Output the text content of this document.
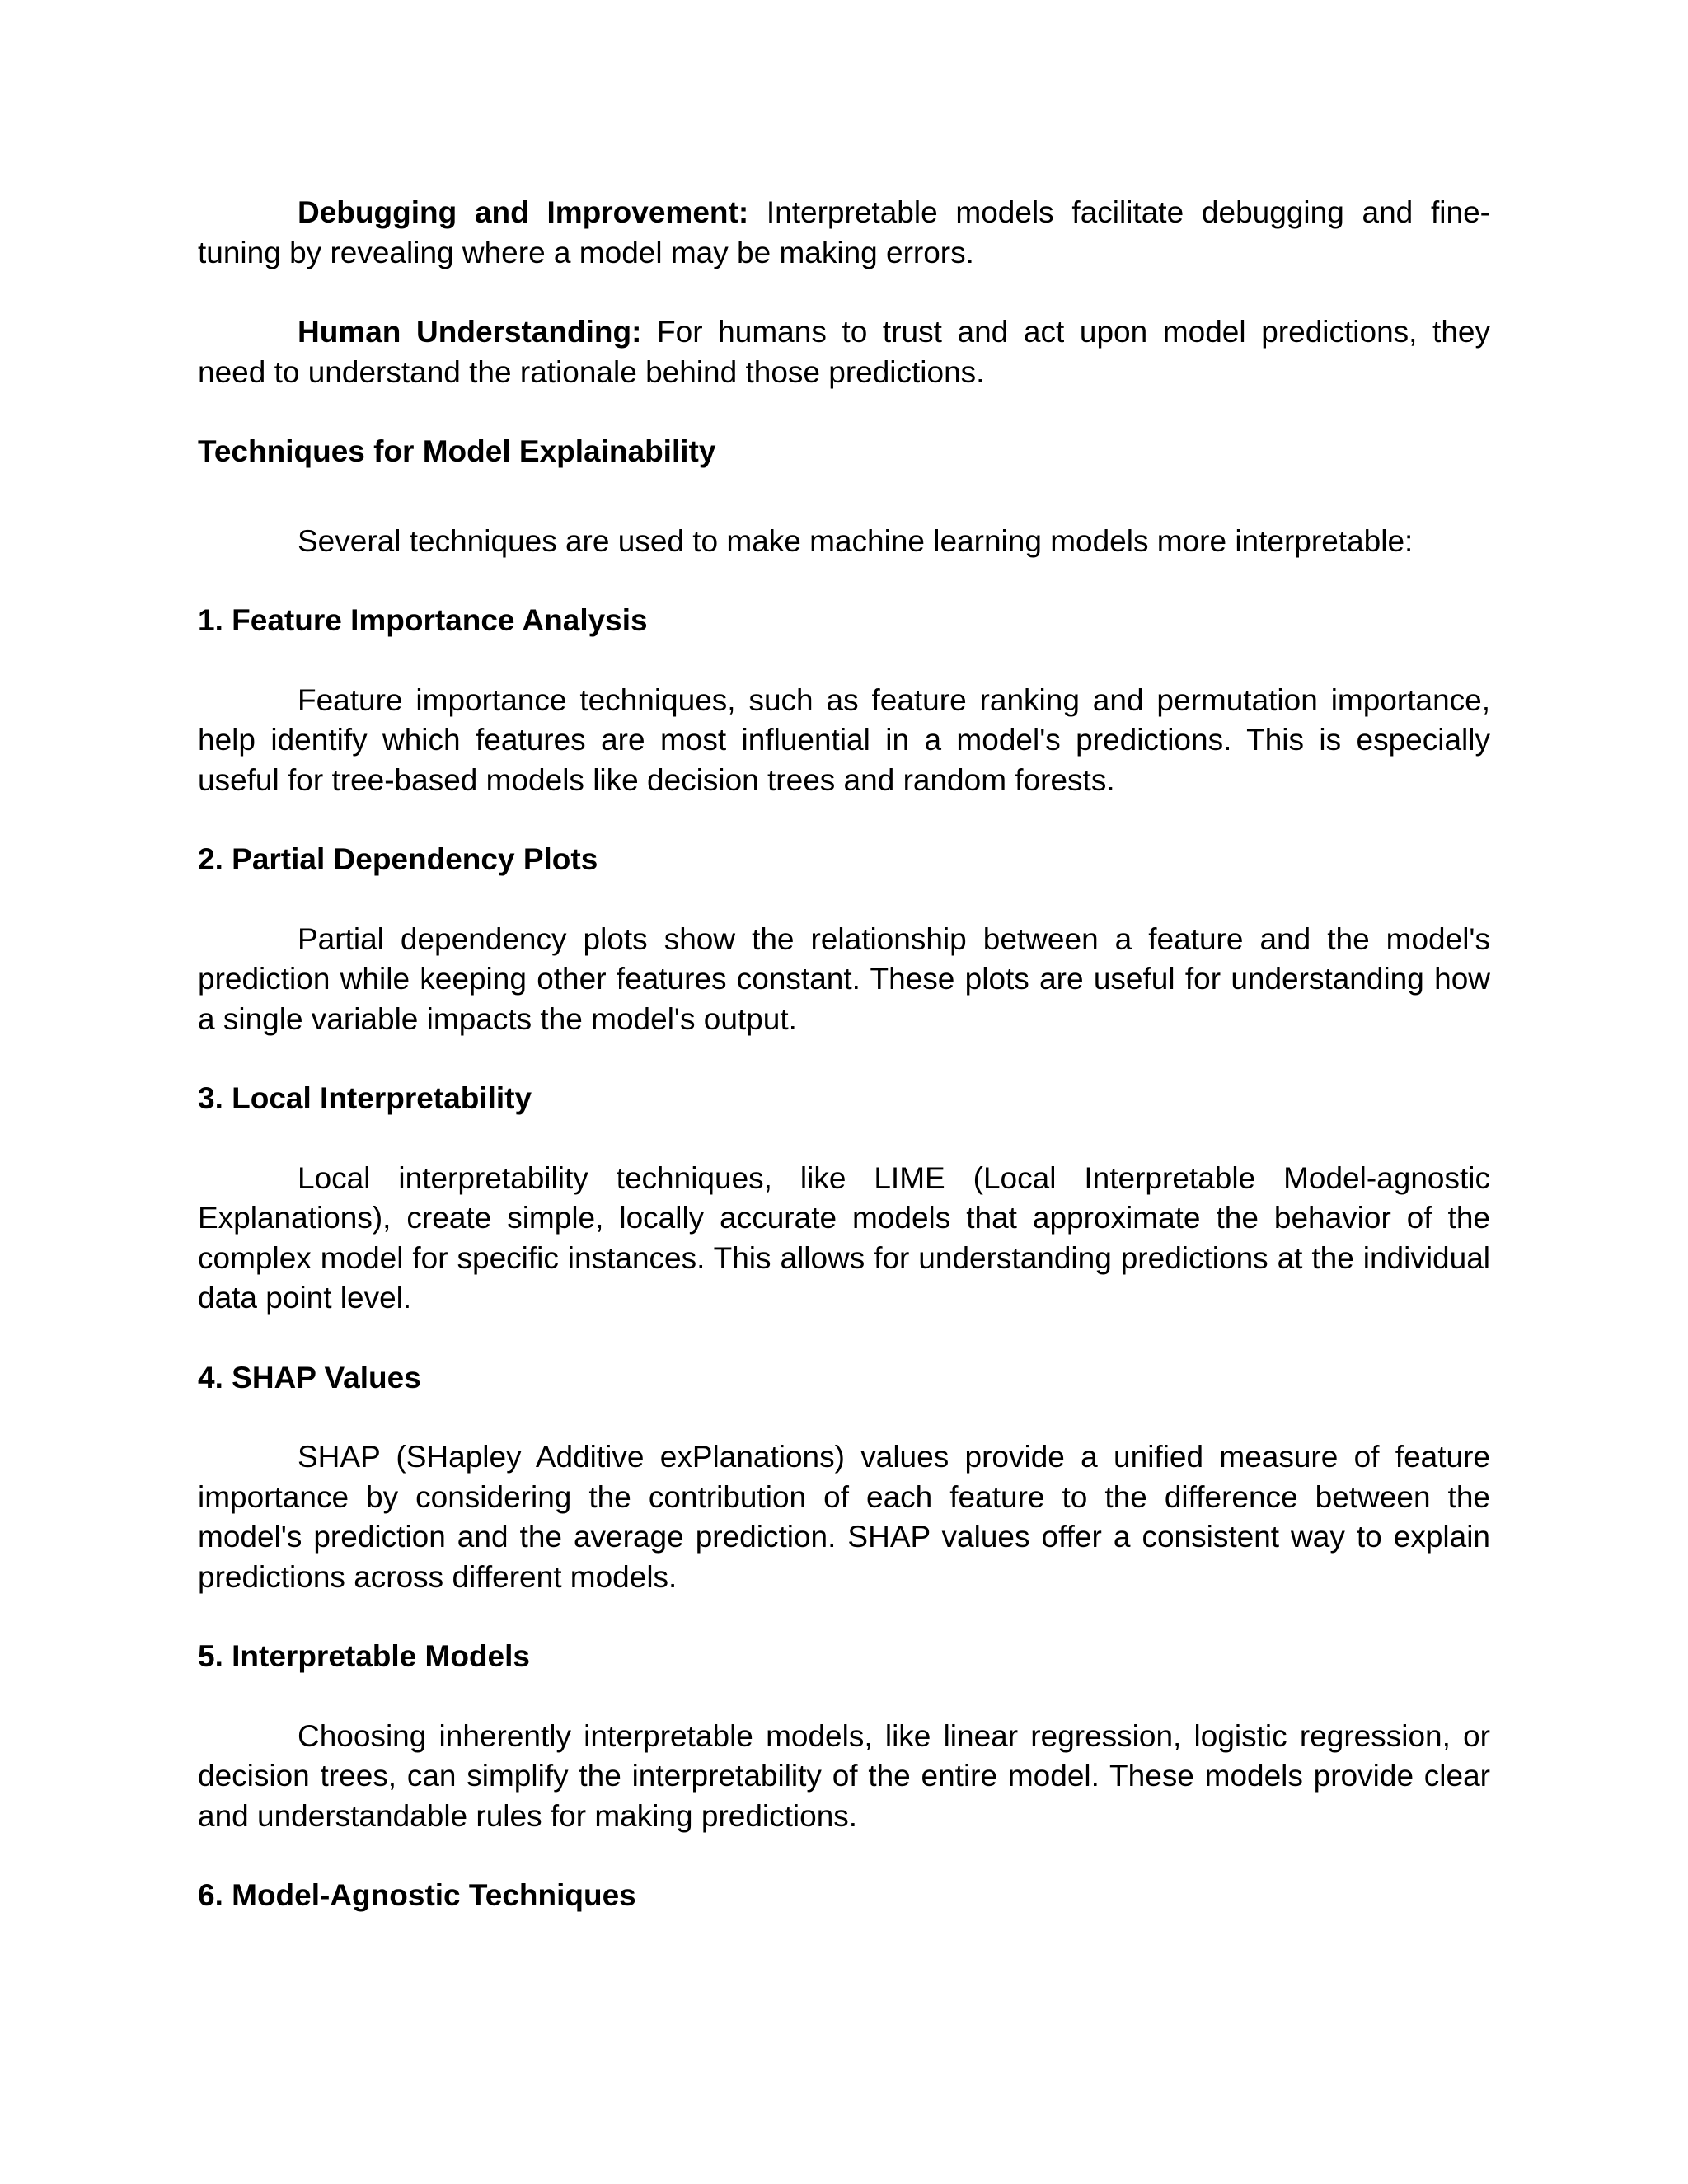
Debugging and Improvement: Interpretable models facilitate debugging and fine-tuning by revealing where a model may be making errors.

Human Understanding: For humans to trust and act upon model predictions, they need to understand the rationale behind those predictions.

Techniques for Model Explainability

Several techniques are used to make machine learning models more interpretable:

1. Feature Importance Analysis

Feature importance techniques, such as feature ranking and permutation importance, help identify which features are most influential in a model's predictions. This is especially useful for tree-based models like decision trees and random forests.

2. Partial Dependency Plots

Partial dependency plots show the relationship between a feature and the model's prediction while keeping other features constant. These plots are useful for understanding how a single variable impacts the model's output.

3. Local Interpretability

Local interpretability techniques, like LIME (Local Interpretable Model-agnostic Explanations), create simple, locally accurate models that approximate the behavior of the complex model for specific instances. This allows for understanding predictions at the individual data point level.

4. SHAP Values

SHAP (SHapley Additive exPlanations) values provide a unified measure of feature importance by considering the contribution of each feature to the difference between the model's prediction and the average prediction. SHAP values offer a consistent way to explain predictions across different models.

5. Interpretable Models

Choosing inherently interpretable models, like linear regression, logistic regression, or decision trees, can simplify the interpretability of the entire model. These models provide clear and understandable rules for making predictions.

6. Model-Agnostic Techniques
